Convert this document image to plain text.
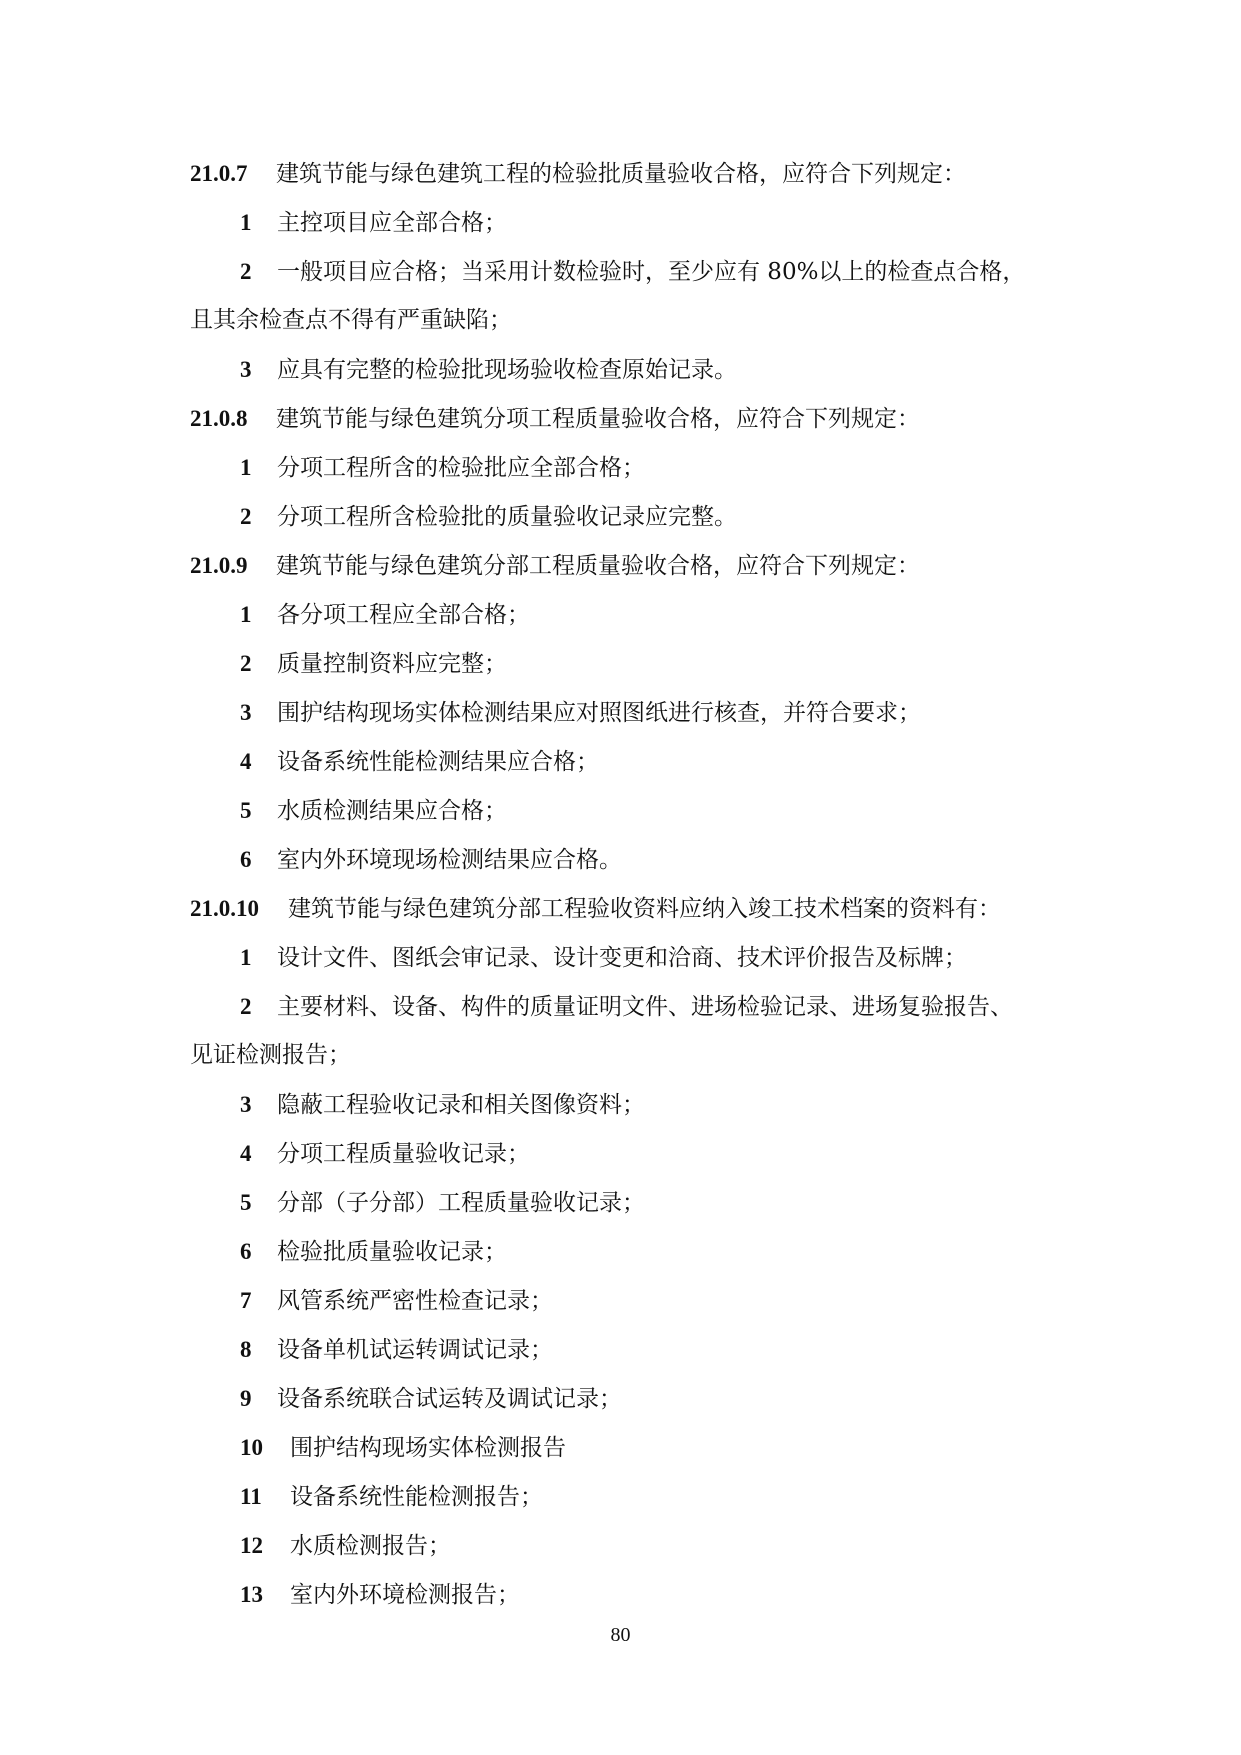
21.0.7 建筑节能与绿色建筑工程的检验批质量验收合格，应符合下列规定：
1 主控项目应全部合格；
2 一般项目应合格；当采用计数检验时，至少应有 80%以上的检查点合格，
且其余检查点不得有严重缺陷；
3 应具有完整的检验批现场验收检查原始记录。
21.0.8 建筑节能与绿色建筑分项工程质量验收合格，应符合下列规定：
1 分项工程所含的检验批应全部合格；
2 分项工程所含检验批的质量验收记录应完整。
21.0.9 建筑节能与绿色建筑分部工程质量验收合格，应符合下列规定：
1 各分项工程应全部合格；
2 质量控制资料应完整；
3 围护结构现场实体检测结果应对照图纸进行核查，并符合要求；
4 设备系统性能检测结果应合格；
5 水质检测结果应合格；
6 室内外环境现场检测结果应合格。
21.0.10 建筑节能与绿色建筑分部工程验收资料应纳入竣工技术档案的资料有：
1 设计文件、图纸会审记录、设计变更和洽商、技术评价报告及标牌；
2 主要材料、设备、构件的质量证明文件、进场检验记录、进场复验报告、
见证检测报告；
3 隐蔽工程验收记录和相关图像资料；
4 分项工程质量验收记录；
5 分部（子分部）工程质量验收记录；
6 检验批质量验收记录；
7 风管系统严密性检查记录；
8 设备单机试运转调试记录；
9 设备系统联合试运转及调试记录；
10 围护结构现场实体检测报告
11 设备系统性能检测报告；
12 水质检测报告；
13 室内外环境检测报告；
80
